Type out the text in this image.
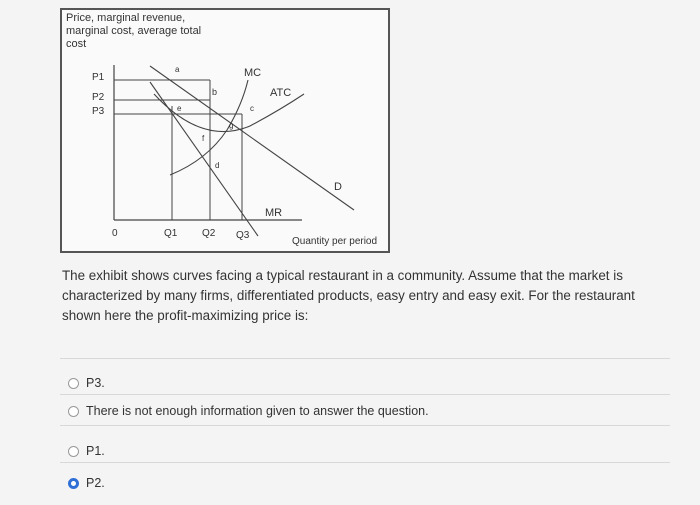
Price, marginal revenue,
marginal cost, average total
cost
P1
P2
P3
0	Q1 Q2 Q3
Quantity per period
MC
ATC
D
MR
a
b
c
d
e
f
g
The exhibit shows curves facing a typical restaurant in a community. Assume that the market is characterized by many firms, differentiated products, easy entry and easy exit. For the restaurant shown here the profit-maximizing price is:
P3.
There is not enough information given to answer the question.
P1.
P2.
